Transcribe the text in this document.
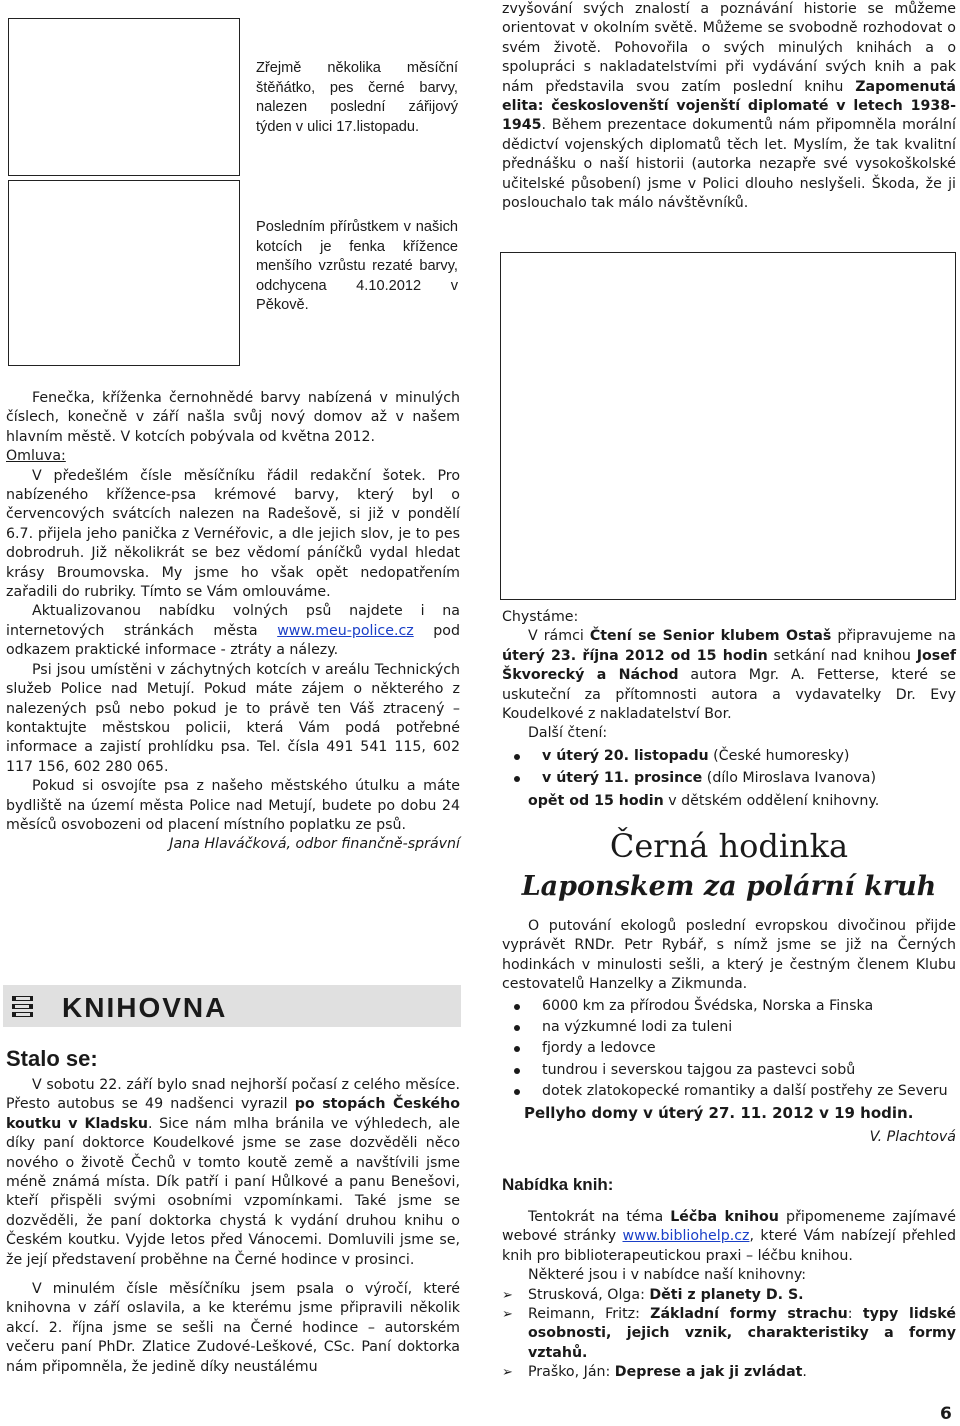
Zřejmě několika měsíční štěňátko, pes černé barvy, nalezen poslední zářijový týden v ulici 17.listopadu.
Posledním přírůstkem v našich kotcích je fenka křížence menšího vzrůstu rezaté barvy, odchycena 4.10.2012 v Pěkově.
zvyšování svých znalostí a poznávání historie se můžeme orientovat v okolním světě. Můžeme se svobodně rozhodovat o svém životě. Pohovořila o svých minulých knihách a o spolupráci s nakladatelstvími při vydávání svých knih a pak nám představila svou zatím poslední knihu Zapomenutá elita: českoslovenští vojenští diplomaté v letech 1938-1945. Během prezentace dokumentů nám připomněla morální dědictví vojenských diplomatů těch let. Myslím, že tak kvalitní přednášku o naší historii (autorka nezapře své vysokoškolské učitelské působení) jsme v Polici dlouho neslyšeli. Škoda, že ji poslouchalo tak málo návštěvníků.

Fenečka, kříženka černohnědé barvy nabízená v minulých číslech, konečně v září našla svůj nový domov až v našem hlavním městě. V kotcích pobývala od května 2012.

Omluva:

V předešlém čísle měsíčníku řádil redakční šotek. Pro nabízeného křížence-psa krémové barvy, který byl o červencových svátcích nalezen na Radešově, si již v pondělí 6.7. přijela jeho panička z Vernéřovic, a dle jejich slov, je to pes dobrodruh. Již několikrát se bez vědomí páníčků vydal hledat krásy Broumovska. My jsme ho však opět nedopatřením zařadili do rubriky. Tímto se Vám omlouváme.

Aktualizovanou nabídku volných psů najdete i na internetových stránkách města www.meu-police.cz pod odkazem praktické informace - ztráty a nálezy.

Psi jsou umístěni v záchytných kotcích v areálu Technických služeb Police nad Metují. Pokud máte zájem o některého z nalezených psů nebo pokud je to právě ten Váš ztracený – kontaktujte městskou policii, která Vám podá potřebné informace a zajistí prohlídku psa. Tel. čísla 491 541 115, 602 117 156, 602 280 065.

Pokud si osvojíte psa z našeho městského útulku a máte bydliště na území města Police nad Metují, budete po dobu 24 měsíců osvobozeni od placení místního poplatku ze psů.

Jana Hlaváčková, odbor finančně-správní

KNIHOVNA
Stalo se:

V sobotu 22. září bylo snad nejhorší počasí z celého měsíce. Přesto autobus se 49 nadšenci vyrazil po stopách Českého koutku v Kladsku. Sice nám mlha bránila ve výhledech, ale díky paní doktorce Koudelkové jsme se zase dozvěděli něco nového o životě Čechů v tomto koutě země a navštívili jsme méně známá místa. Dík patří i paní Hůlkové a panu Benešovi, kteří přispěli svými osobními vzpomínkami. Také jsme se dozvěděli, že paní doktorka chystá k vydání druhou knihu o Českém koutku. Vyjde letos před Vánocemi. Domluvili jsme se, že její představení proběhne na Černé hodince v prosinci.

V minulém čísle měsíčníku jsem psala o výročí, které knihovna v září oslavila, a ke kterému jsme připravili několik akcí. 2. října jsme se sešli na Černé hodince – autorském večeru paní PhDr. Zlatice Zudové-Leškové, CSc. Paní doktorka nám připomněla, že jedině díky neustálému

Chystáme:

V rámci Čtení se Senior klubem Ostaš připravujeme na úterý 23. října 2012 od 15 hodin setkání nad knihou Josef Škvorecký a Náchod autora Mgr. A. Fetterse, které se uskuteční za přítomnosti autora a vydavatelky Dr. Evy Koudelkové z nakladatelství Bor.

Další čtení:

v úterý 20. listopadu (České humoresky)
v úterý 11. prosince (dílo Miroslava Ivanova)

opět od 15 hodin v dětském oddělení knihovny.

Černá hodinka
Laponskem za polární kruh

O putování ekologů poslední evropskou divočinou přijde vyprávět RNDr. Petr Rybář, s nímž jsme se již na Černých hodinkách v minulosti sešli, a který je čestným členem Klubu cestovatelů Hanzelky a Zikmunda.

6000 km za přírodou Švédska, Norska a Finska
na výzkumné lodi za tuleni
fjordy a ledovce
tundrou i severskou tajgou za pastevci sobů
dotek zlatokopecké romantiky a další postřehy ze Severu

Pellyho domy v úterý 27. 11. 2012 v 19 hodin.

V. Plachtová

Nabídka knih:

Tentokrát na téma Léčba knihou připomeneme zajímavé webové stránky www.bibliohelp.cz, které Vám nabízejí přehled knih pro biblioterapeutickou praxi – léčbu knihou.

Některé jsou i v nabídce naší knihovny:

➢ Strusková, Olga: Děti z planety D. S.
➢ Reimann, Fritz: Základní formy strachu: typy lidské osobnosti, jejich vznik, charakteristiky a formy vztahů.
➢ Praško, Ján: Deprese a jak ji zvládat.
6
